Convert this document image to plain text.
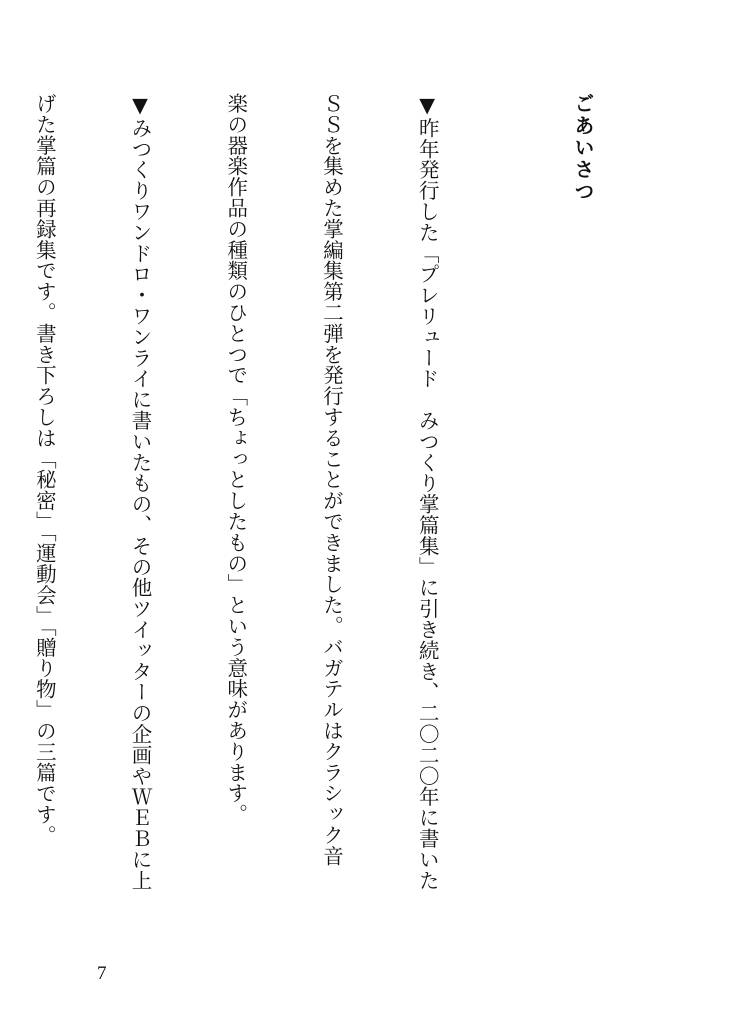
ごあいさつ

▼昨年発行した「プレリュード　みつくり掌篇集」に引き続き、二〇二〇年に書いた

ＳＳを集めた掌編集第二弾を発行することができました。バガテルはクラシック音

楽の器楽作品の種類のひとつで「ちょっとしたもの」という意味があります。

▼みつくりワンドロ・ワンライに書いたもの、その他ツイッターの企画やＷＥＢに上

げた掌篇の再録集です。書き下ろしは「秘密」「運動会」「贈り物」の三篇です。

7
